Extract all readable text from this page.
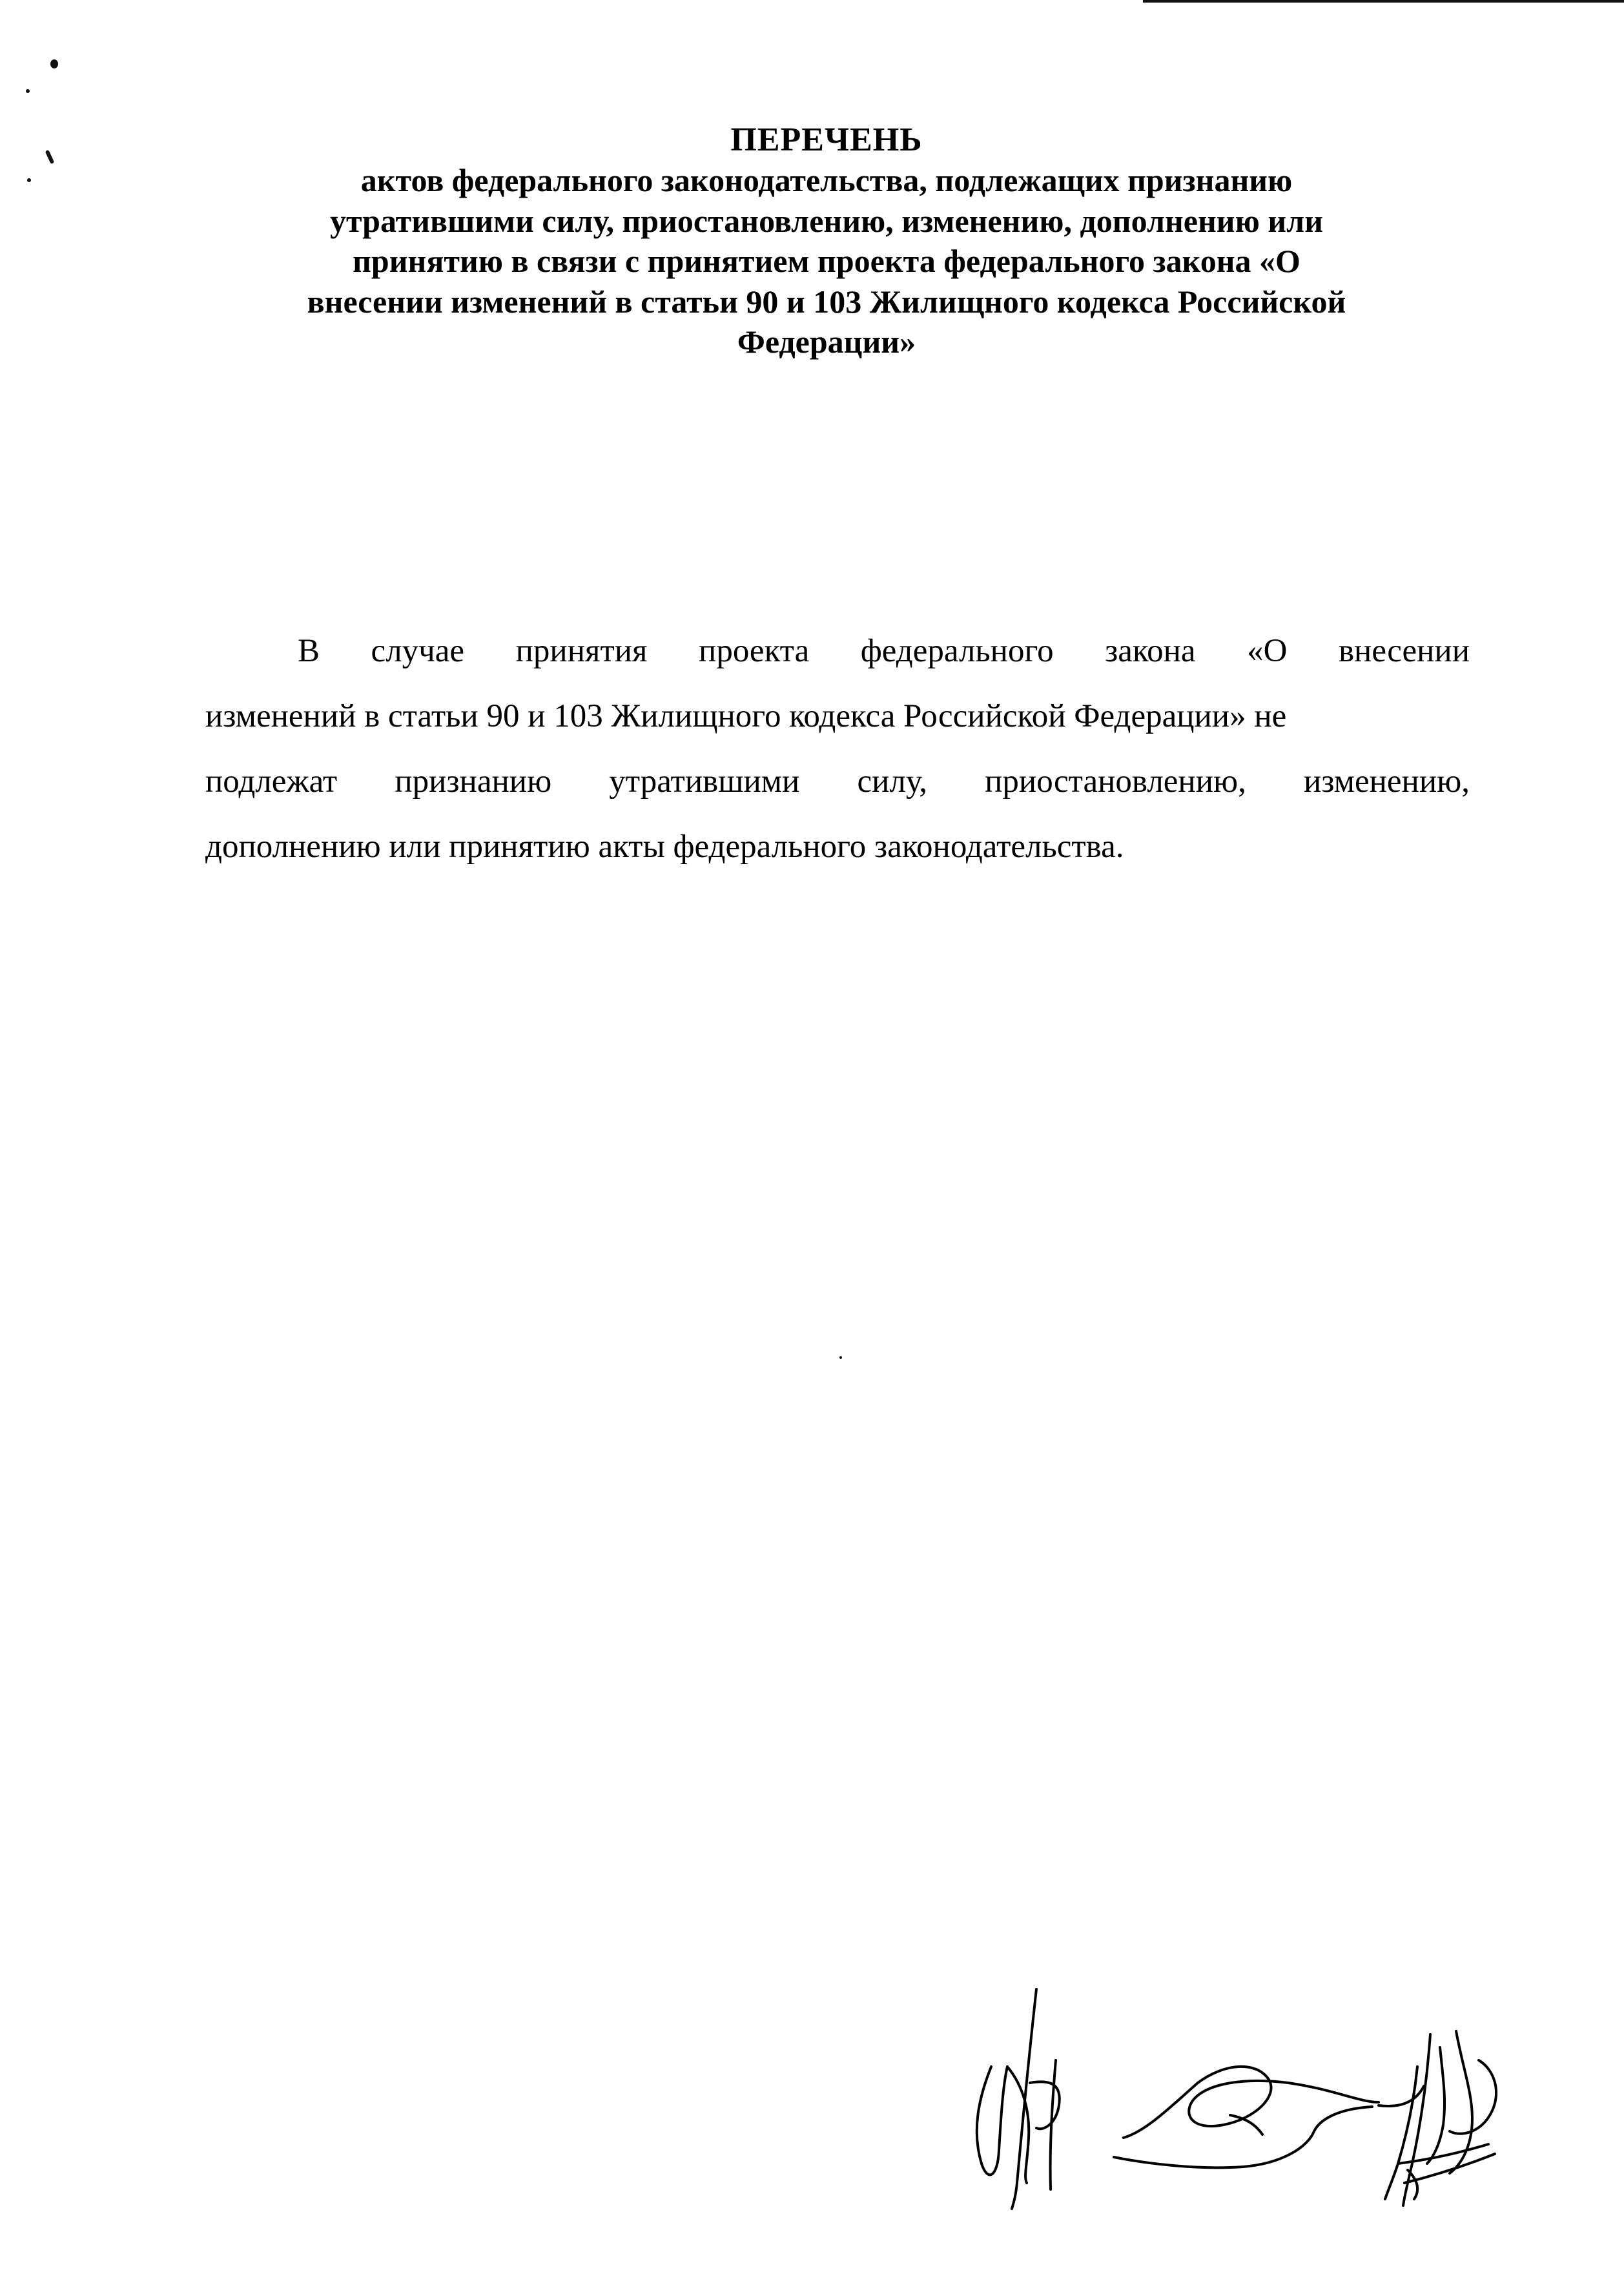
ПЕРЕЧЕНЬ
актов федерального законодательства, подлежащих признанию
утратившими силу, приостановлению, изменению, дополнению или
принятию в связи с принятием проекта федерального закона «О
внесении изменений в статьи 90 и 103 Жилищного кодекса Российской
Федерации»
В случае принятия проекта федерального закона «О внесении
изменений в статьи 90 и 103 Жилищного кодекса Российской Федерации» не
подлежат признанию утратившими силу, приостановлению, изменению,
дополнению или принятию акты федерального законодательства.
